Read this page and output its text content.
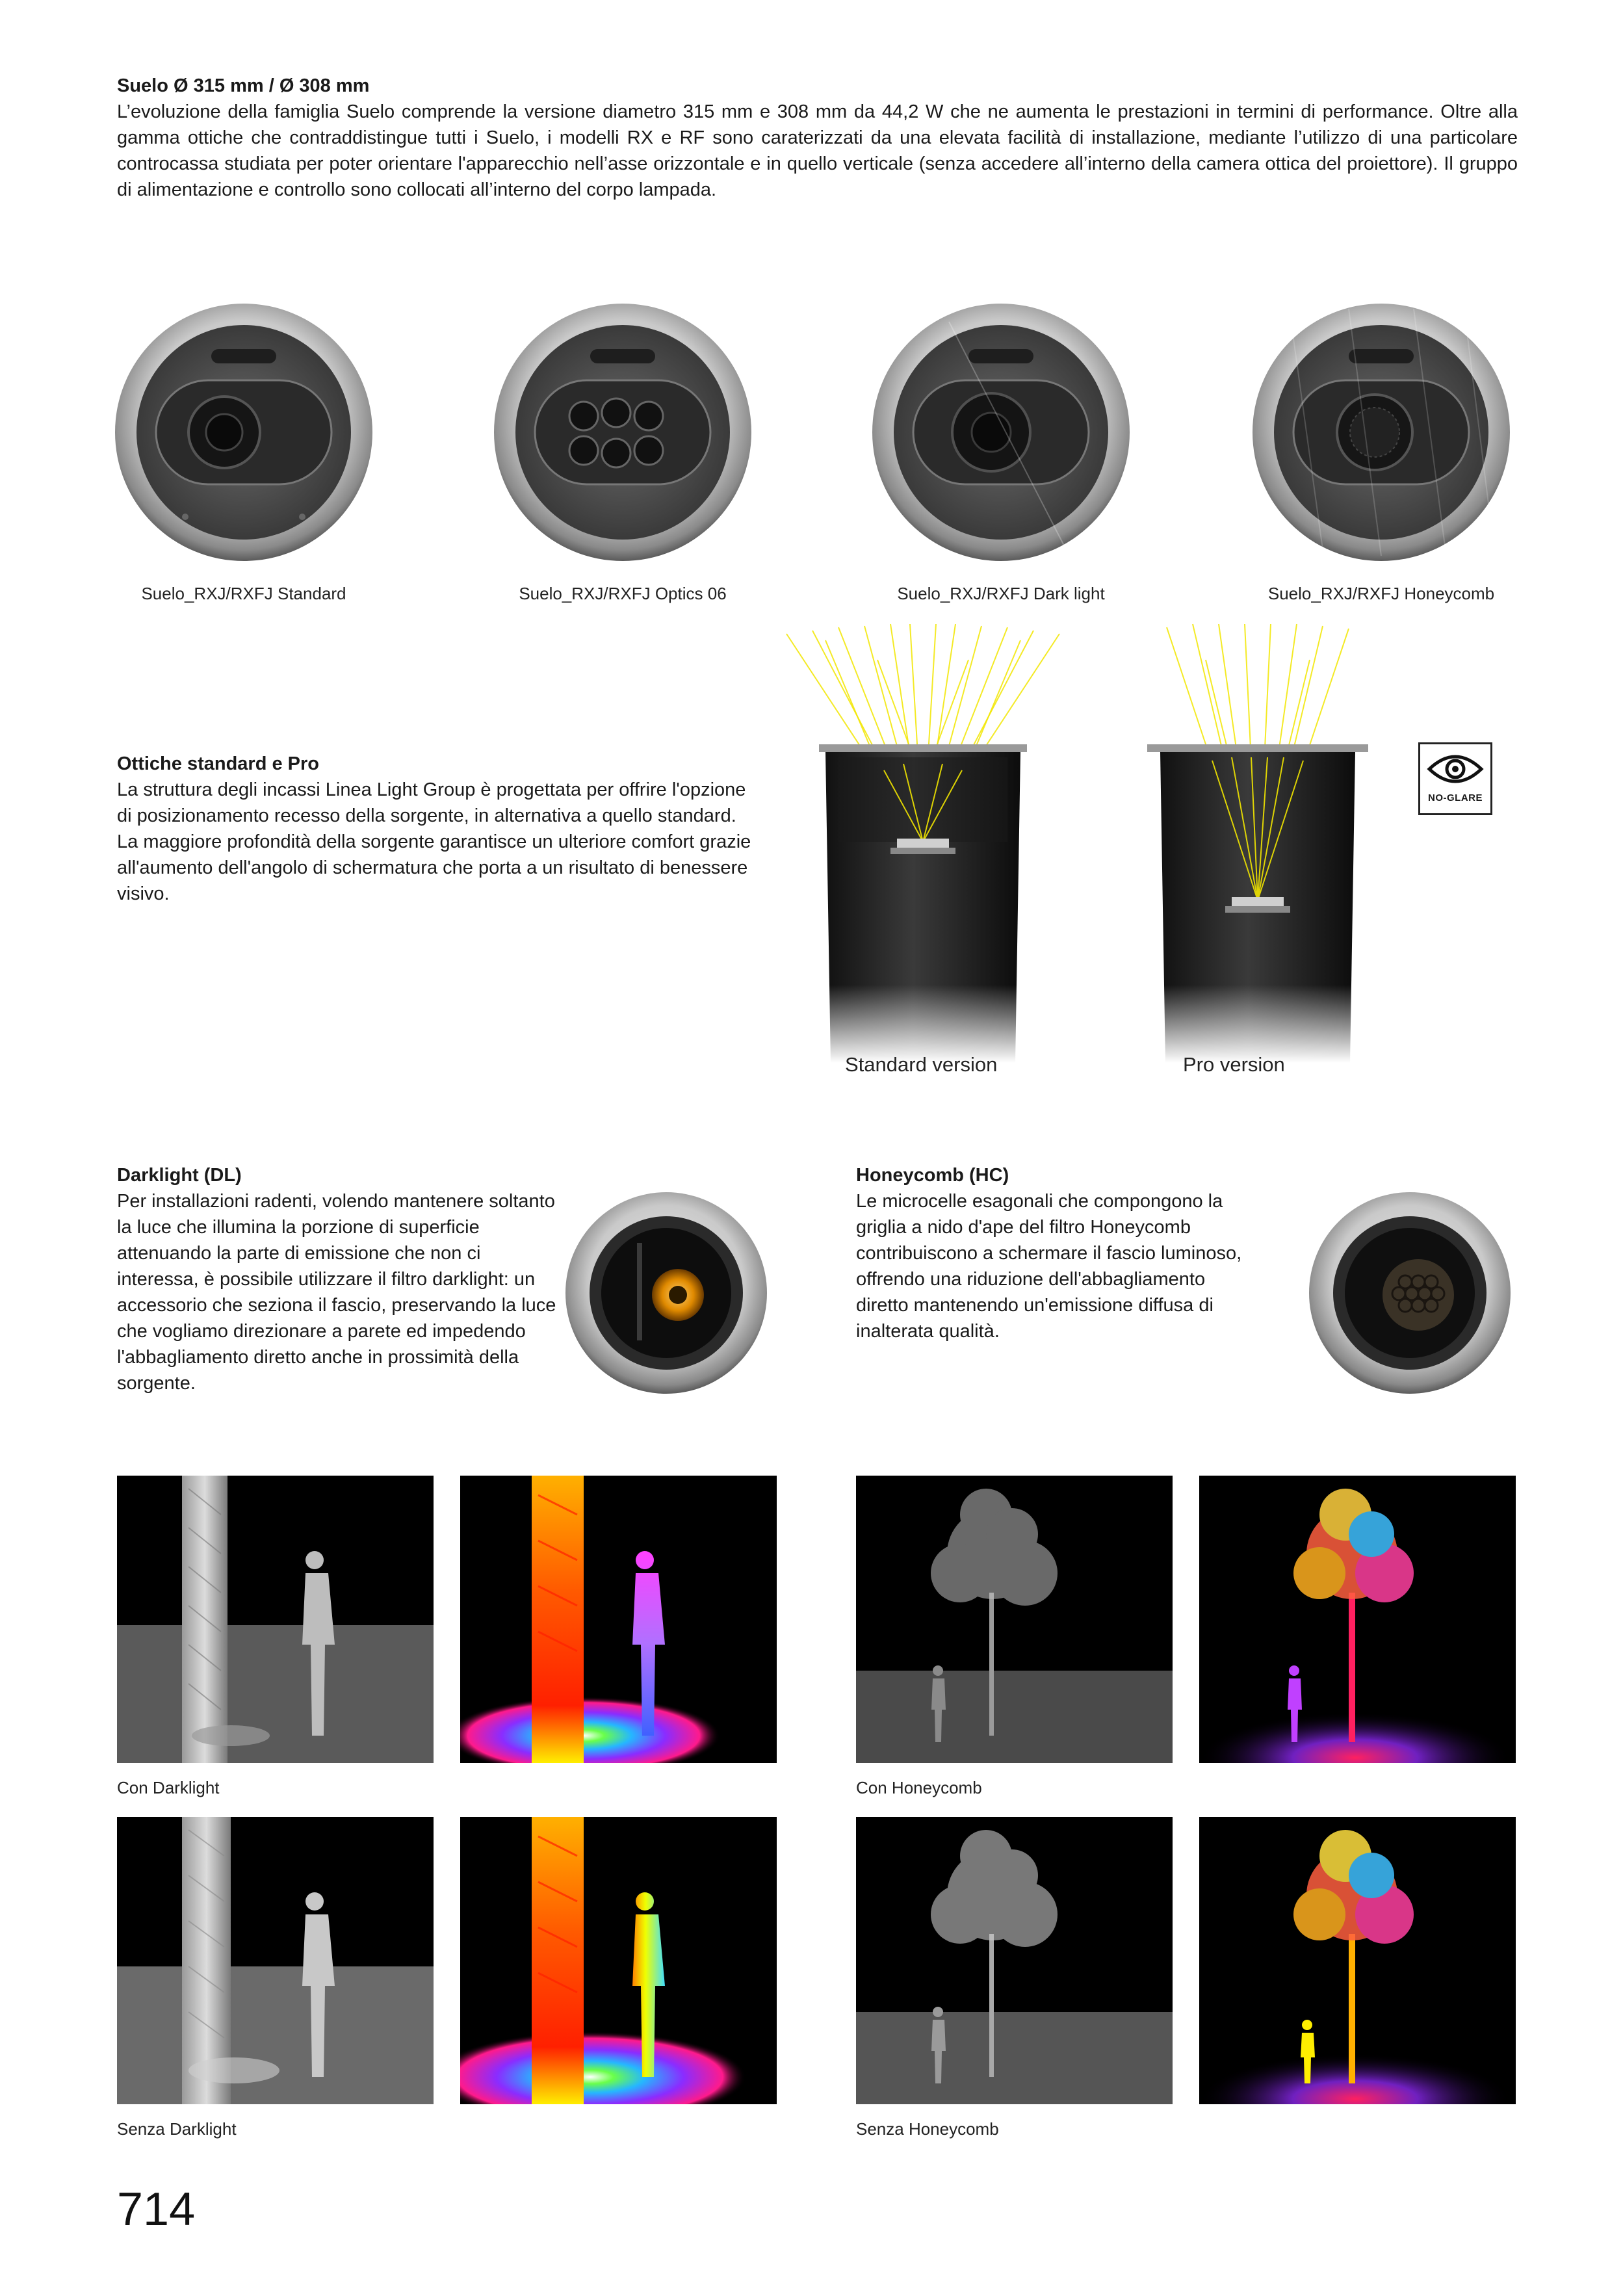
Suelo Ø 315 mm / Ø 308 mm

L’evoluzione della famiglia Suelo comprende la versione diametro 315 mm e 308 mm da 44,2 W che ne aumenta le prestazioni in termini di performance. Oltre alla gamma ottiche che contraddistingue tutti i Suelo, i modelli RX e RF sono caraterizzati da una elevata facilità di installazione, mediante l’utilizzo di una particolare controcassa studiata per poter orientare l'apparecchio nell’asse orizzontale e in quello verticale (senza accedere all’interno della camera ottica del proiettore). Il gruppo di alimentazione e controllo sono collocati all’interno del corpo lampada.

Suelo_RXJ/RXFJ Standard	Suelo_RXJ/RXFJ Optics 06	Suelo_RXJ/RXFJ Dark light	Suelo_RXJ/RXFJ Honeycomb

Ottiche standard e Pro

La struttura degli incassi Linea Light Group è progettata per offrire l'opzione di posizionamento recesso della sorgente, in alternativa a quello standard. La maggiore profondità della sorgente garantisce un ulteriore comfort grazie all'aumento dell'angolo di schermatura che porta a un risultato di benessere visivo.

Standard version	Pro version
NO-GLARE

Darklight (DL)

Per installazioni radenti, volendo mantenere soltanto la luce che illumina la porzione di superficie attenuando la parte di emissione che non ci interessa, è possibile utilizzare il filtro darklight: un accessorio che seziona il fascio, preservando la luce che vogliamo direzionare a parete ed impedendo l'abbagliamento diretto anche in prossimità della sorgente.

Honeycomb (HC)

Le microcelle esagonali che compongono la griglia a nido d'ape del filtro Honeycomb contribuiscono a schermare il fascio luminoso, offrendo una riduzione dell'abbagliamento diretto mantenendo un'emissione diffusa di inalterata qualità.

Con Darklight
Senza Darklight
Con Honeycomb
Senza Honeycomb
714
